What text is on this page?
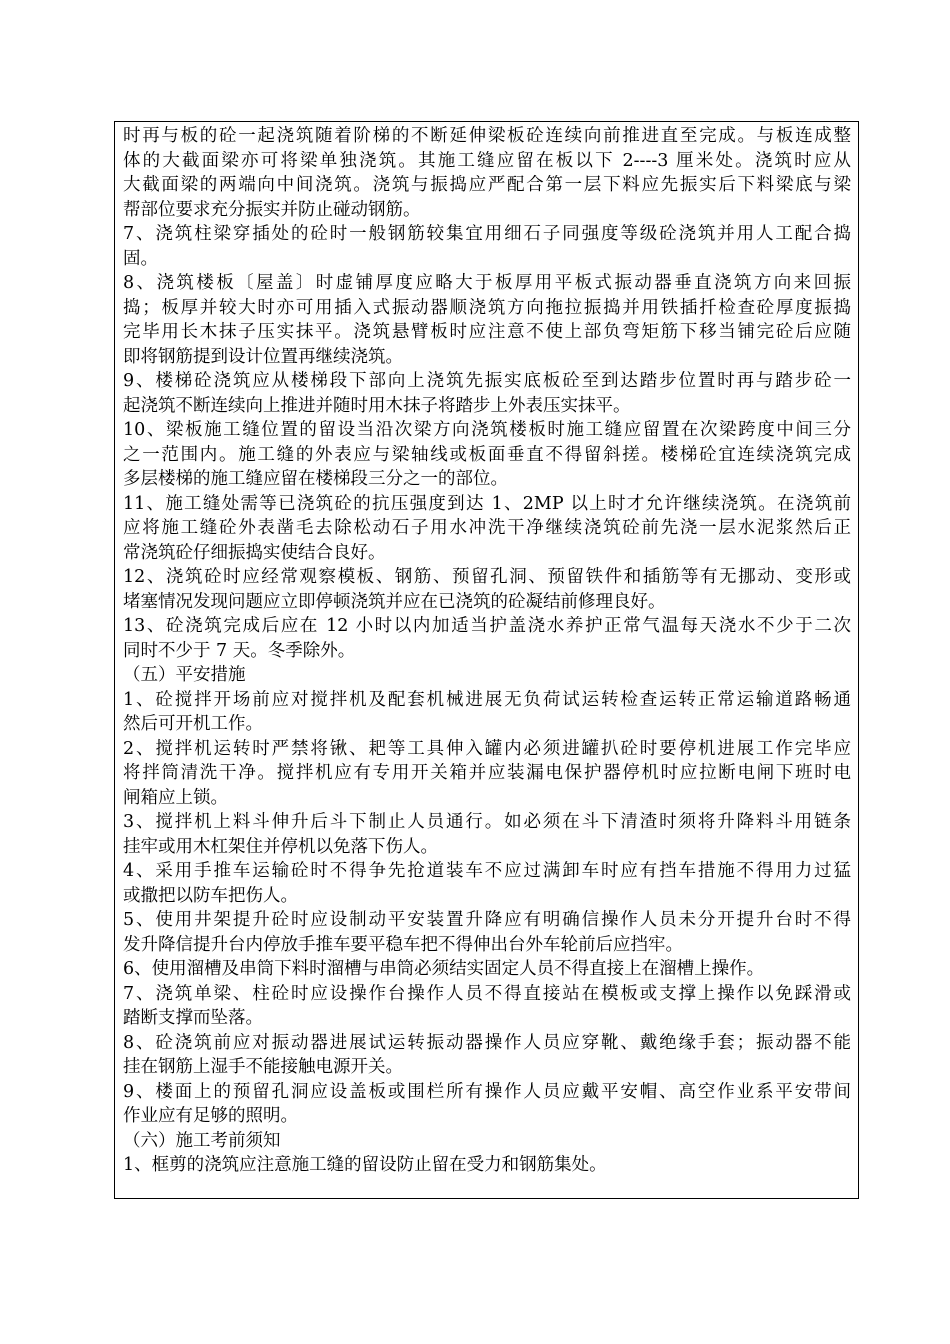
时再与板的砼一起浇筑随着阶梯的不断延伸梁板砼连续向前推进直至完成。与板连成整
体的大截面梁亦可将梁单独浇筑。其施工缝应留在板以下 2----3 厘米处。浇筑时应从
大截面梁的两端向中间浇筑。浇筑与振捣应严配合第一层下料应先振实后下料梁底与梁
帮部位要求充分振实并防止碰动钢筋。
7、浇筑柱梁穿插处的砼时一般钢筋较集宜用细石子同强度等级砼浇筑并用人工配合捣
固。
8、浇筑楼板〔屋盖〕时虚铺厚度应略大于板厚用平板式振动器垂直浇筑方向来回振
捣；板厚并较大时亦可用插入式振动器顺浇筑方向拖拉振捣并用铁插扦检查砼厚度振捣
完毕用长木抹子压实抹平。浇筑悬臂板时应注意不使上部负弯矩筋下移当铺完砼后应随
即将钢筋提到设计位置再继续浇筑。
9、楼梯砼浇筑应从楼梯段下部向上浇筑先振实底板砼至到达踏步位置时再与踏步砼一
起浇筑不断连续向上推进并随时用木抹子将踏步上外表压实抹平。
10、梁板施工缝位置的留设当沿次梁方向浇筑楼板时施工缝应留置在次梁跨度中间三分
之一范围内。施工缝的外表应与梁轴线或板面垂直不得留斜搓。楼梯砼宜连续浇筑完成
多层楼梯的施工缝应留在楼梯段三分之一的部位。
11、施工缝处需等已浇筑砼的抗压强度到达 1、2MP 以上时才允许继续浇筑。在浇筑前
应将施工缝砼外表凿毛去除松动石子用水冲洗干净继续浇筑砼前先浇一层水泥浆然后正
常浇筑砼仔细振捣实使结合良好。
12、浇筑砼时应经常观察模板、钢筋、预留孔洞、预留铁件和插筋等有无挪动、变形或
堵塞情况发现问题应立即停顿浇筑并应在已浇筑的砼凝结前修理良好。
13、砼浇筑完成后应在 12 小时以内加适当护盖浇水养护正常气温每天浇水不少于二次
同时不少于 7 天。冬季除外。
（五）平安措施
1、砼搅拌开场前应对搅拌机及配套机械进展无负荷试运转检查运转正常运输道路畅通
然后可开机工作。
2、搅拌机运转时严禁将锹、耙等工具伸入罐内必须进罐扒砼时要停机进展工作完毕应
将拌筒清洗干净。搅拌机应有专用开关箱并应装漏电保护器停机时应拉断电闸下班时电
闸箱应上锁。
3、搅拌机上料斗伸升后斗下制止人员通行。如必须在斗下清渣时须将升降料斗用链条
挂牢或用木杠架住并停机以免落下伤人。
4、采用手推车运输砼时不得争先抢道装车不应过满卸车时应有挡车措施不得用力过猛
或撒把以防车把伤人。
5、使用井架提升砼时应设制动平安装置升降应有明确信操作人员未分开提升台时不得
发升降信提升台内停放手推车要平稳车把不得伸出台外车轮前后应挡牢。
6、使用溜槽及串筒下料时溜槽与串筒必须结实固定人员不得直接上在溜槽上操作。
7、浇筑单梁、柱砼时应设操作台操作人员不得直接站在模板或支撑上操作以免踩滑或
踏断支撑而坠落。
8、砼浇筑前应对振动器进展试运转振动器操作人员应穿靴、戴绝缘手套；振动器不能
挂在钢筋上湿手不能接触电源开关。
9、楼面上的预留孔洞应设盖板或围栏所有操作人员应戴平安帽、高空作业系平安带间
作业应有足够的照明。
（六）施工考前须知
1、框剪的浇筑应注意施工缝的留设防止留在受力和钢筋集处。
